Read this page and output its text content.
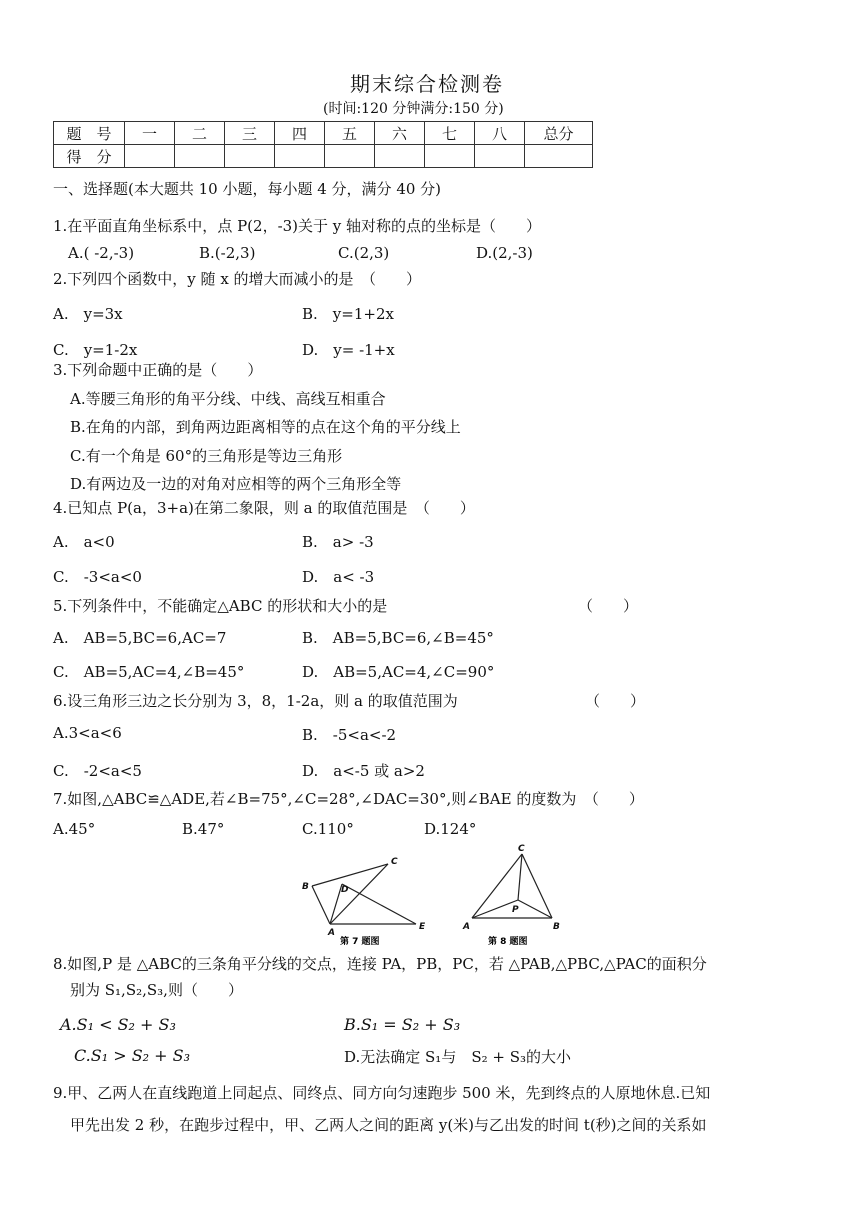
期末综合检测卷
(时间:120 分钟满分:150 分)
题　号	一	二	三	四	五	六	七	八	总分
得　分									
一、选择题(本大题共 10 小题，每小题 4 分，满分 40 分)
1.在平面直角坐标系中，点 P(2，-3)关于 y 轴对称的点的坐标是（　　）
A.( -2,-3)	B.(-2,3)	C.(2,3)	D.(2,-3)
2.下列四个函数中，y 随 x 的增大而减小的是　（　　）
A.　y=3x	B.　y=1+2x
C.　y=1-2x	D.　y= -1+x
3.下列命题中正确的是（　　）
A.等腰三角形的角平分线、中线、高线互相重合
B.在角的内部，到角两边距离相等的点在这个角的平分线上
C.有一个角是 60°的三角形是等边三角形
D.有两边及一边的对角对应相等的两个三角形全等
4.已知点 P(a，3+a)在第二象限，则 a 的取值范围是　（　　）
A.　a<0	B.　a> -3
C.　-3<a<0	D.　a< -3
5.下列条件中，不能确定△ABC 的形状和大小的是	（　　）
A.　AB=5,BC=6,AC=7	B.　AB=5,BC=6,∠B=45°
C.　AB=5,AC=4,∠B=45°	D.　AB=5,AC=4,∠C=90°
6.设三角形三边之长分别为 3，8，1-2a，则 a 的取值范围为	（　　）
A.3<a<6	B.　-5<a<-2
C.　-2<a<5	D.　a<-5 或 a>2
7.如图,△ABC≌△ADE,若∠B=75°,∠C=28°,∠DAC=30°,则∠BAE 的度数为　（　　）
A.45°	B.47°	C.110°	D.124°
B
C
D
A
E
第 7 题图
C
P
A	B
第 8 题图
8.如图,P 是 △ABC的三条角平分线的交点，连接 PA，PB，PC，若 △PAB,△PBC,△PAC的面积分
别为 S₁,S₂,S₃,则（　　）
A.S₁ < S₂ + S₃	B.S₁ = S₂ + S₃
C.S₁ > S₂ + S₃	D.无法确定 S₁与　S₂ + S₃的大小
9.甲、乙两人在直线跑道上同起点、同终点、同方向匀速跑步 500 米，先到终点的人原地休息.已知
甲先出发 2 秒，在跑步过程中，甲、乙两人之间的距离 y(米)与乙出发的时间 t(秒)之间的关系如
